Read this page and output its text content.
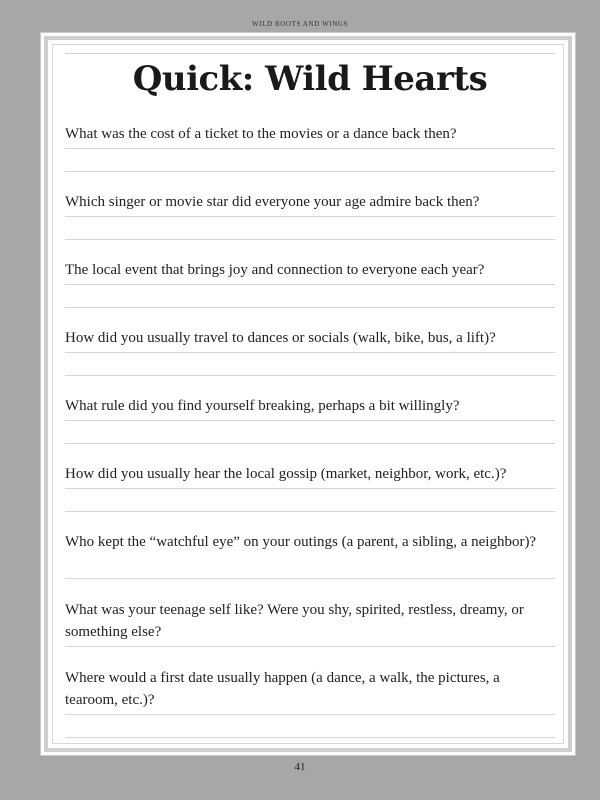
WILD ROOTS AND WINGS
Quick: Wild Hearts
What was the cost of a ticket to the movies or a dance back then?
Which singer or movie star did everyone your age admire back then?
The local event that brings joy and connection to everyone each year?
How did you usually travel to dances or socials (walk, bike, bus, a lift)?
What rule did you find yourself breaking, perhaps a bit willingly?
How did you usually hear the local gossip (market, neighbor, work, etc.)?
Who kept the “watchful eye” on your outings (a parent, a sibling, a neighbor)?
What was your teenage self like? Were you shy, spirited, restless, dreamy, or something else?
Where would a first date usually happen (a dance, a walk, the pictures, a tearoom, etc.)?
41
